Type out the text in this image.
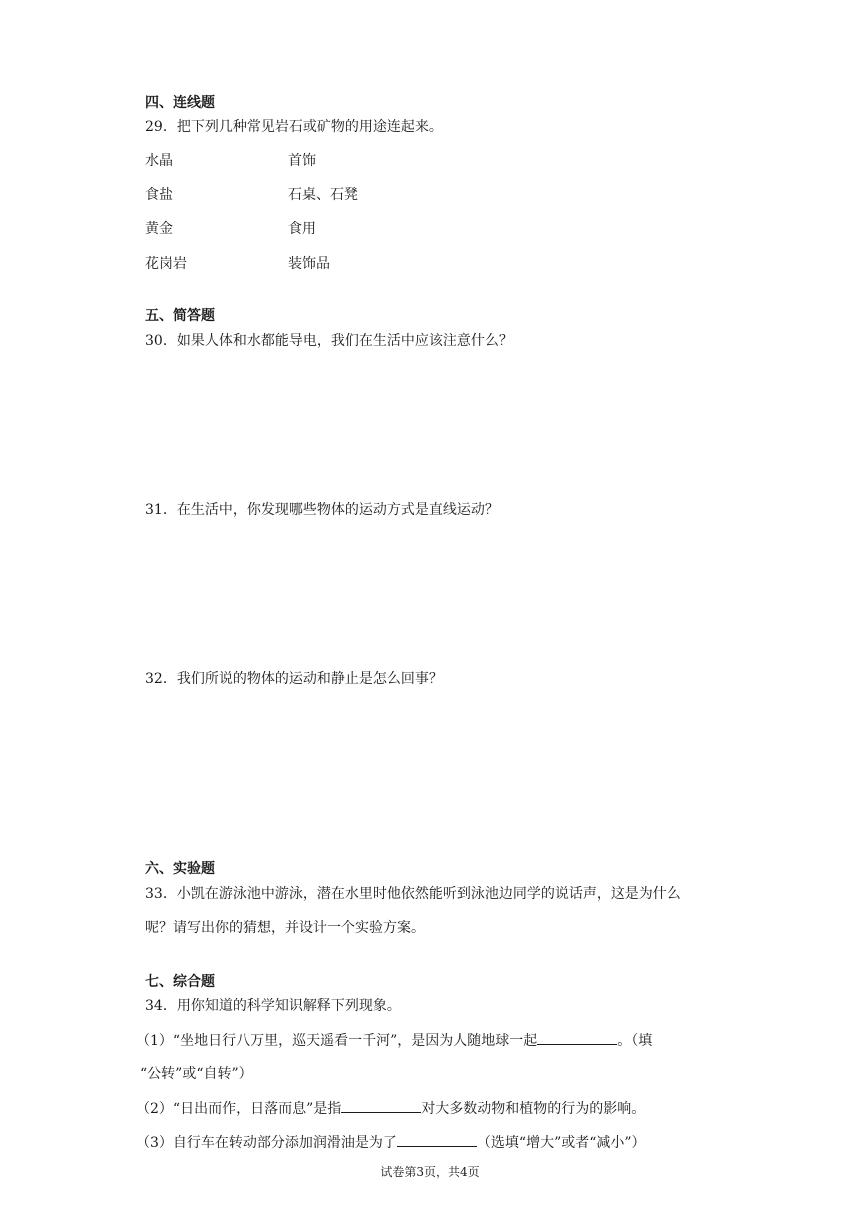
四、连线题
29．把下列几种常见岩石或矿物的用途连起来。
水晶	首饰
食盐	石桌、石凳
黄金	食用
花岗岩	装饰品
五、简答题
30．如果人体和水都能导电，我们在生活中应该注意什么？
31．在生活中，你发现哪些物体的运动方式是直线运动？
32．我们所说的物体的运动和静止是怎么回事？
六、实验题
33．小凯在游泳池中游泳，潜在水里时他依然能听到泳池边同学的说话声，这是为什么
呢？请写出你的猜想，并设计一个实验方案。
七、综合题
34．用你知道的科学知识解释下列现象。
（1）“坐地日行八万里，巡天遥看一千河”，是因为人随地球一起	。（填
“公转”或“自转”）
（2）“日出而作，日落而息”是指	对大多数动物和植物的行为的影响。
（3）自行车在转动部分添加润滑油是为了	（选填“增大”或者“减小”）
试卷第3页，共4页
